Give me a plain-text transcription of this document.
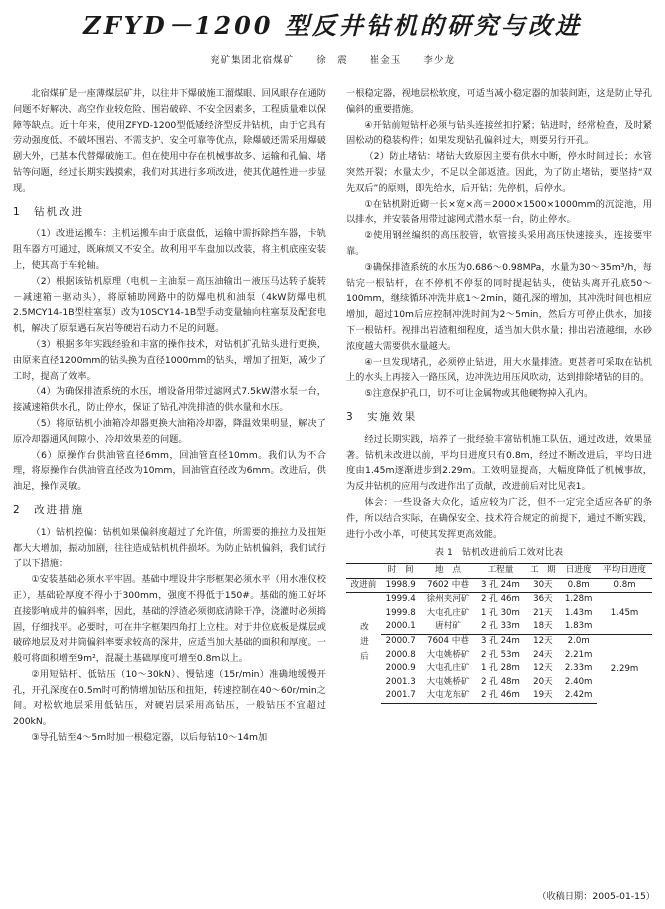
ZFYD－1200 型反井钻机的研究与改进
兖矿集团北宿煤矿 徐　震 崔金玉 李少龙

北宿煤矿是一座薄煤层矿井，以往井下爆破施工溜煤眼、回风眼存在通防问题不好解决、高空作业较危险、围岩破碎、不安全因素多，工程质量难以保障等缺点。近十年来，使用ZFYD-1200型低矮经济型反井钻机，由于它具有劳动强度低、不破坏围岩、不需支护、安全可靠等优点，除爆破还需采用爆破剧大外，已基本代替爆破施工。但在使用中存在机械事故多、运输和孔偏、堵钻等问题，经过长期实践摸索，我们对其进行多项改进，使其优越性进一步显现。

1　钻机改进

（1）改进运搬车：主机运搬车由于底盘低，运输中需拆除挡车器，卡轨阻车器方可通过，既麻烦又不安全。故利用平车盘加以改装，将主机底座安装上，使其高于车轮轴。

（2）根据该钻机原理（电机－主油泵－高压油输出－液压马达转子旋转－减速箱－驱动头），将原辅助网路中的防爆电机和油泵（4kW防爆电机 2.5MCY14-1B型柱塞泵）改为10SCY14-1B型手动变量轴向柱塞泵及配套电机，解决了原泵遇石灰岩等硬岩石动力不足的问题。

（3）根据多年实践经验和丰富的操作技术，对钻机扩孔钻头进行更换，由原来直径1200mm的钻头换为直径1000mm的钻头，增加了扭矩，减少了工时，提高了效率。

（4）为确保排渣系统的水压，增设备用带过滤网式7.5kW潜水泵一台，接减速箱供水孔，防止停水，保证了钻孔冲洗排渣的供水量和水压。

（5）将原钻机小油箱冷却器更换大油箱冷却器，降温效果明显，解决了原冷却器通风间隙小、冷却效果差的问题。

（6）原操作台供油管直径6mm，回油管直径10mm。我们认为不合理，将原操作台供油管直径改为10mm，回油管直径改为6mm。改进后，供油足，操作灵敏。

2　改进措施

（1）钻机控偏：钻机如果偏斜度超过了允许值，所需要的推拉力及扭矩都大大增加，振动加剧，往往造成钻机机件损坏。为防止钻机偏斜，我们试行了以下措施：

①安装基础必须水平牢固。基础中埋设井字形框架必须水平（用水准仪校正），基础砼厚度不得小于300mm，强度不得低于150#。基础的施工好坏直接影响成井的偏斜率，因此，基础的浮渣必须彻底清除干净，浇灌时必须捣固，仔细找平。必要时，可在井字框架四角打上立柱。对于井位底板是煤层或破碎地层及对井筒偏斜率要求较高的深井，应适当加大基础的面积和厚度。一般可将面积增至9m²，混凝土基础厚度可增至0.8m以上。

②用短钻杆、低钻压（10～30kN）、慢钻速（15r/min）准确地缓慢开孔，开孔深度在0.5m时可酌情增加钻压和扭矩，转速控制在40～60r/min之间。对松软地层采用低钻压，对硬岩层采用高钻压，一般钻压不宜超过200kN。

③导孔钻至4～5m时加一根稳定器，以后每钻10～14m加

一根稳定器，视地层松软度，可适当减小稳定器的加装间距，这是防止导孔偏斜的重要措施。

④开钻前短钻杆必须与钻头连接丝扣拧紧；钻进时，经常检查，及时紧固松动的稳装构件；如果发现钻孔偏斜过大，则要另行开孔。

（2）防止堵钻：堵钻大致原因主要有供水中断，停水时间过长；水管突然开裂；水量太少，不足以全部返渣。因此，为了防止堵钻，要坚持“双先双后”的原则，即先给水，后开钻；先停机，后停水。

①在钻机附近砌一长×宽×高＝2000×1500×1000mm的沉淀池，用以排水，并安装备用带过滤网式潜水泵一台，防止停水。

②使用钢丝编织的高压胶管，软管接头采用高压快速接头，连接要牢靠。

③确保排渣系统的水压为0.686～0.98MPa，水量为30～35m³/h，每钻完一根钻杆，在不停机不停泵的同时提起钻头，使钻头离开孔底50～100mm，继续循环冲洗井底1～2min，随孔深的增加，其冲洗时间也相应增加，超过10m后应控制冲洗时间为2～5min，然后方可停止供水，加接下一根钻杆。视排出岩渣粗细程度，适当加大供水量；排出岩渣越细，水砂浓度越大需要供水量越大。

④一旦发现堵孔，必须停止钻进，用大水量排渣。更甚者可采取在钻机上的水头上再接入一路压风，边冲洗边用压风吹动，达到排除堵钻的目的。

⑤注意保护孔口，切不可让金属物或其他硬物掉入孔内。

3　实施效果

经过长期实践，培养了一批经验丰富钻机施工队伍，通过改进，效果显著。钻机未改进以前，平均日进度只有0.8m，经过不断改进后，平均日进度由1.45m逐渐进步到2.29m。工效明显提高，大幅度降低了机械事故，为反井钻机的应用与改进作出了贡献，改进前后对比见表1。

体会：一些设备大众化，适应较为广泛，但不一定完全适应各矿的条件，所以结合实际，在确保安全、技术符合规定的前提下，通过不断实践，进行小改小革，可使其发挥更高效能。

表 1　钻机改进前后工效对比表
	时　间	地　点	工程量	工　期	日进度	平均日进度
改进前	1998.9	7602 中巷	3 孔 24m	30天	0.8m	0.8m
改进后	1999.4	徐州夹河矿	2 孔 46m	36天	1.28m	1.45m
	1999.8	大屯孔庄矿	1 孔 30m	21天	1.43m	
	2000.1	唐村矿	2 孔 33m	18天	1.83m	
	2000.7	7604 中巷	3 孔 24m	12天	2.0m	2.29m
	2000.8	大屯姚桥矿	2 孔 53m	24天	2.21m	
	2000.9	大屯孔庄矿	1 孔 28m	12天	2.33m	
	2001.3	大屯姚桥矿	2 孔 48m	20天	2.40m	
	2001.7	大屯龙东矿	2 孔 46m	19天	2.42m	
（收稿日期：2005-01-15）
